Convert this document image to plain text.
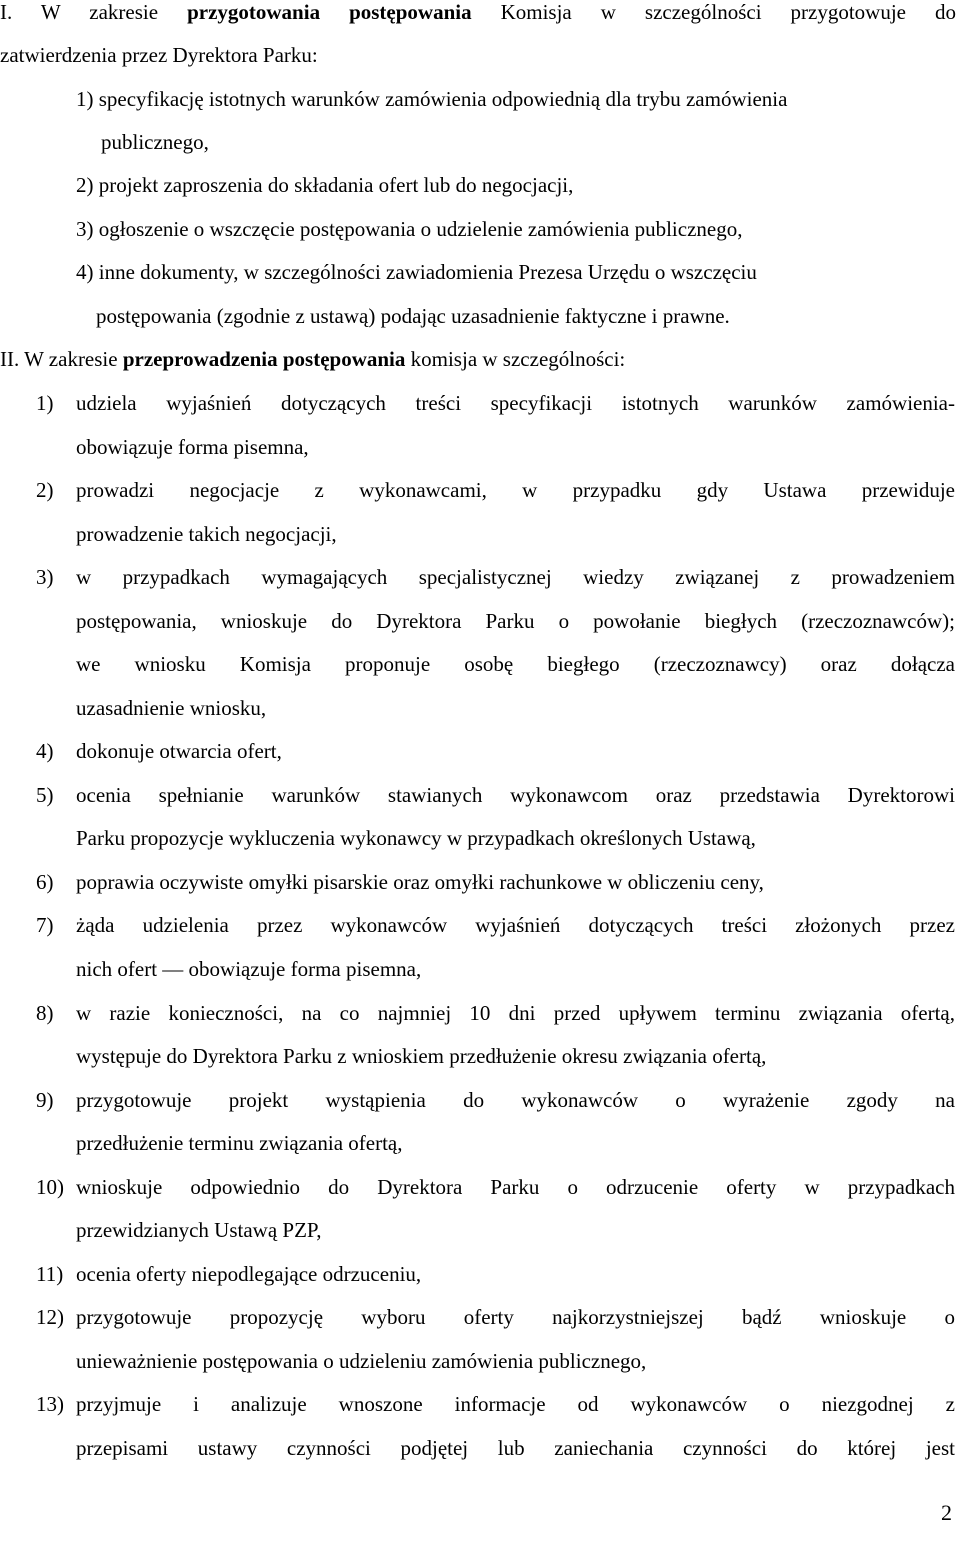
I. W zakresie przygotowania postępowania Komisja w szczególności przygotowuje do
zatwierdzenia przez Dyrektora Parku:
1) specyfikację istotnych warunków zamówienia odpowiednią dla trybu zamówienia
publicznego,
2) projekt zaproszenia do składania ofert lub do negocjacji,
3) ogłoszenie o wszczęcie postępowania o udzielenie zamówienia publicznego,
4) inne dokumenty, w szczególności zawiadomienia Prezesa Urzędu o wszczęciu
postępowania (zgodnie z ustawą) podając uzasadnienie faktyczne i prawne.
II. W zakresie przeprowadzenia postępowania komisja w szczególności:
1) udziela wyjaśnień dotyczących treści specyfikacji istotnych warunków zamówienia-
obowiązuje forma pisemna,
2) prowadzi negocjacje z wykonawcami, w przypadku gdy Ustawa przewiduje
prowadzenie takich negocjacji,
3) w przypadkach wymagających specjalistycznej wiedzy związanej z prowadzeniem
postępowania, wnioskuje do Dyrektora Parku o powołanie biegłych (rzeczoznawców);
we wniosku Komisja proponuje osobę biegłego (rzeczoznawcy) oraz dołącza
uzasadnienie wniosku,
4) dokonuje otwarcia ofert,
5) ocenia spełnianie warunków stawianych wykonawcom oraz przedstawia Dyrektorowi
Parku propozycje wykluczenia wykonawcy w przypadkach określonych Ustawą,
6) poprawia oczywiste omyłki pisarskie oraz omyłki rachunkowe w obliczeniu ceny,
7) żąda udzielenia przez wykonawców wyjaśnień dotyczących treści złożonych przez
nich ofert — obowiązuje forma pisemna,
8) w razie konieczności, na co najmniej 10 dni przed upływem terminu związania ofertą,
występuje do Dyrektora Parku z wnioskiem przedłużenie okresu związania ofertą,
9) przygotowuje projekt wystąpienia do wykonawców o wyrażenie zgody na
przedłużenie terminu związania ofertą,
10) wnioskuje odpowiednio do Dyrektora Parku o odrzucenie oferty w przypadkach
przewidzianych Ustawą PZP,
11) ocenia oferty niepodlegające odrzuceniu,
12) przygotowuje propozycję wyboru oferty najkorzystniejszej bądź wnioskuje o
unieważnienie postępowania o udzieleniu zamówienia publicznego,
13) przyjmuje i analizuje wnoszone informacje od wykonawców o niezgodnej z
przepisami ustawy czynności podjętej lub zaniechania czynności do której jest
2
